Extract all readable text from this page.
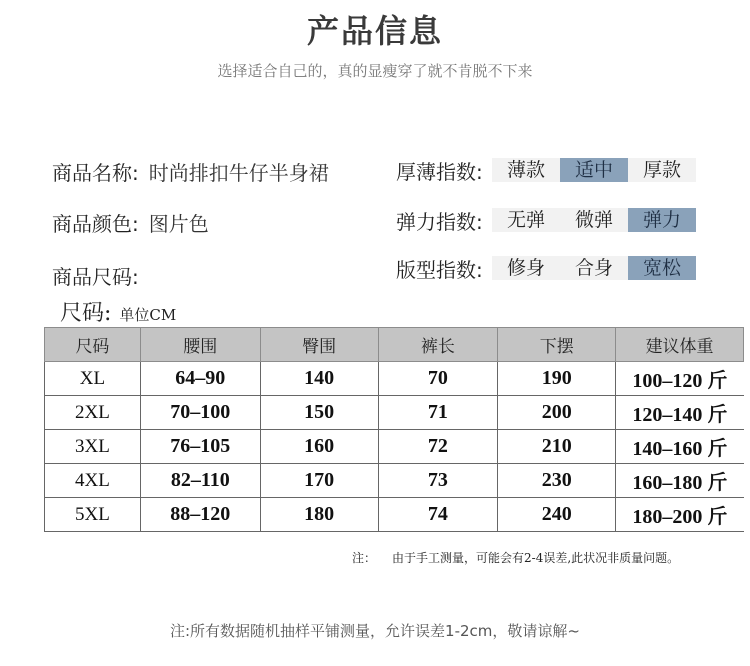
产品信息
选择适合自己的，真的显瘦穿了就不肯脱不下来
商品名称: 时尚排扣牛仔半身裙
商品颜色: 图片色
商品尺码:
厚薄指数:	薄款	适中	厚款
弹力指数:	无弹	微弹	弹力
版型指数:	修身	合身	宽松
尺码: 单位CM
尺码	腰围	臀围	裤长	下摆	建议体重
XL	64–90	140	70	190	100–120 斤
2XL	70–100	150	71	200	120–140 斤
3XL	76–105	160	72	210	140–160 斤
4XL	82–110	170	73	230	160–180 斤
5XL	88–120	180	74	240	180–200 斤
注： 由于手工测量，可能会有2-4误差,此状况非质量问题。
注:所有数据随机抽样平铺测量，允许误差1-2cm，敬请谅解~
